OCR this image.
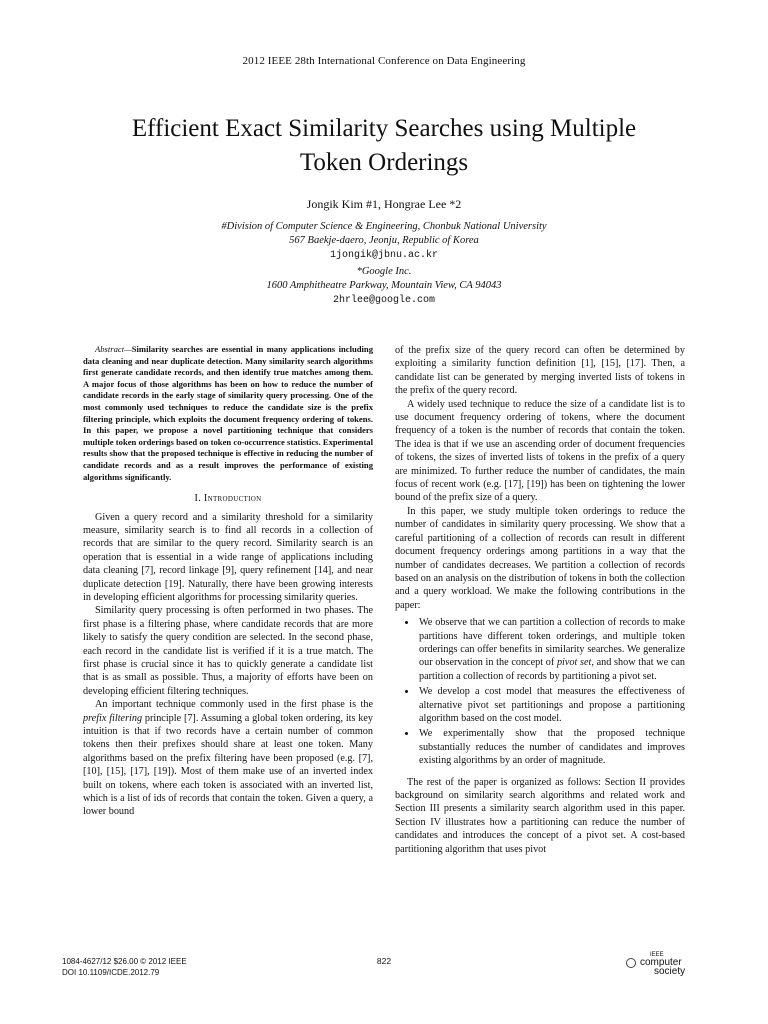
2012 IEEE 28th International Conference on Data Engineering
Efficient Exact Similarity Searches using Multiple
Token Orderings
Jongik Kim #1, Hongrae Lee *2
#Division of Computer Science & Engineering, Chonbuk National University
567 Baekje-daero, Jeonju, Republic of Korea
1jongik@jbnu.ac.kr
*Google Inc.
1600 Amphitheatre Parkway, Mountain View, CA 94043
2hrlee@google.com

Abstract—Similarity searches are essential in many applications including data cleaning and near duplicate detection. Many similarity search algorithms first generate candidate records, and then identify true matches among them. A major focus of those algorithms has been on how to reduce the number of candidate records in the early stage of similarity query processing. One of the most commonly used techniques to reduce the candidate size is the prefix filtering principle, which exploits the document frequency ordering of tokens. In this paper, we propose a novel partitioning technique that considers multiple token orderings based on token co-occurrence statistics. Experimental results show that the proposed technique is effective in reducing the number of candidate records and as a result improves the performance of existing algorithms significantly.

I. Introduction

Given a query record and a similarity threshold for a similarity measure, similarity search is to find all records in a collection of records that are similar to the query record. Similarity search is an operation that is essential in a wide range of applications including data cleaning [7], record linkage [9], query refinement [14], and near duplicate detection [19]. Naturally, there have been growing interests in developing efficient algorithms for processing similarity queries.

Similarity query processing is often performed in two phases. The first phase is a filtering phase, where candidate records that are more likely to satisfy the query condition are selected. In the second phase, each record in the candidate list is verified if it is a true match. The first phase is crucial since it has to quickly generate a candidate list that is as small as possible. Thus, a majority of efforts have been on developing efficient filtering techniques.

An important technique commonly used in the first phase is the prefix filtering principle [7]. Assuming a global token ordering, its key intuition is that if two records have a certain number of common tokens then their prefixes should share at least one token. Many algorithms based on the prefix filtering have been proposed (e.g. [7], [10], [15], [17], [19]). Most of them make use of an inverted index built on tokens, where each token is associated with an inverted list, which is a list of ids of records that contain the token. Given a query, a lower bound

of the prefix size of the query record can often be determined by exploiting a similarity function definition [1], [15], [17]. Then, a candidate list can be generated by merging inverted lists of tokens in the prefix of the query record.

A widely used technique to reduce the size of a candidate list is to use document frequency ordering of tokens, where the document frequency of a token is the number of records that contain the token. The idea is that if we use an ascending order of document frequencies of tokens, the sizes of inverted lists of tokens in the prefix of a query are minimized. To further reduce the number of candidates, the main focus of recent work (e.g. [17], [19]) has been on tightening the lower bound of the prefix size of a query.

In this paper, we study multiple token orderings to reduce the number of candidates in similarity query processing. We show that a careful partitioning of a collection of records can result in different document frequency orderings among partitions in a way that the number of candidates decreases. We partition a collection of records based on an analysis on the distribution of tokens in both the collection and a query workload. We make the following contributions in the paper:

• We observe that we can partition a collection of records to make partitions have different token orderings, and multiple token orderings can offer benefits in similarity searches. We generalize our observation in the concept of pivot set, and show that we can partition a collection of records by partitioning a pivot set.
• We develop a cost model that measures the effectiveness of alternative pivot set partitionings and propose a partitioning algorithm based on the cost model.
• We experimentally show that the proposed technique substantially reduces the number of candidates and improves existing algorithms by an order of magnitude.

The rest of the paper is organized as follows: Section II provides background on similarity search algorithms and related work and Section III presents a similarity search algorithm used in this paper. Section IV illustrates how a partitioning can reduce the number of candidates and introduces the concept of a pivot set. A cost-based partitioning algorithm that uses pivot

1084-4627/12 $26.00 © 2012 IEEE
DOI 10.1109/ICDE.2012.79
822
IEEE
computer
society
